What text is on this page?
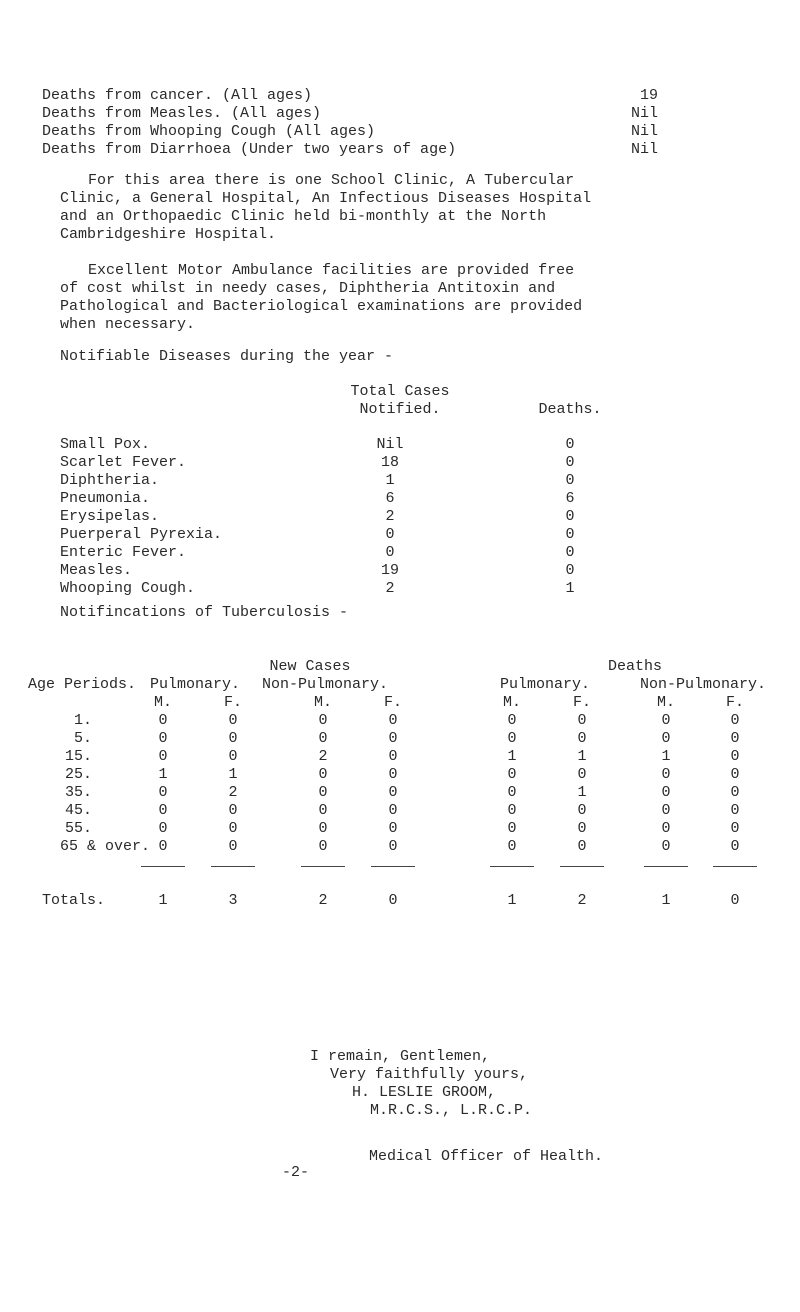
Deaths from cancer. (All ages)	19
Deaths from Measles. (All ages)	Nil
Deaths from Whooping Cough (All ages)	Nil
Deaths from Diarrhoea (Under two years of age)	Nil
For this area there is one School Clinic, A Tubercular
Clinic, a General Hospital, An Infectious Diseases Hospital
and an Orthopaedic Clinic held bi-monthly at the North
Cambridgeshire Hospital.
Excellent Motor Ambulance facilities are provided free
of cost whilst in needy cases, Diphtheria Antitoxin and
Pathological and Bacteriological examinations are provided
when necessary.
Notifiable Diseases during the year -
Total Cases
Notified.	Deaths.
Small Pox.	Nil	0
Scarlet Fever.	18	0
Diphtheria.	1	0
Pneumonia.	6	6
Erysipelas.	2	0
Puerperal Pyrexia.	0	0
Enteric Fever.	0	0
Measles.	19	0
Whooping Cough.	2	1
Notifincations of Tuberculosis -
New Cases	Deaths
Age Periods. Pulmonary. Non-Pulmonary.	Pulmonary.	Non-Pulmonary.
M.	F.	M.	F.	M.	F.	M.	F.
1.	0	0	0	0	0	0	0	0
5.	0	0	0	0	0	0	0	0
15.	0	0	2	0	1	1	1	0
25.	1	1	0	0	0	0	0	0
35.	0	2	0	0	0	1	0	0
45.	0	0	0	0	0	0	0	0
55.	0	0	0	0	0	0	0	0
65 & over. 0	0	0	0	0	0	0	0
Totals.	1	3	2	0	1	2	1	0
I remain, Gentlemen,
Very faithfully yours,
H. LESLIE GROOM,
M.R.C.S., L.R.C.P.
Medical Officer of Health.
-2-
